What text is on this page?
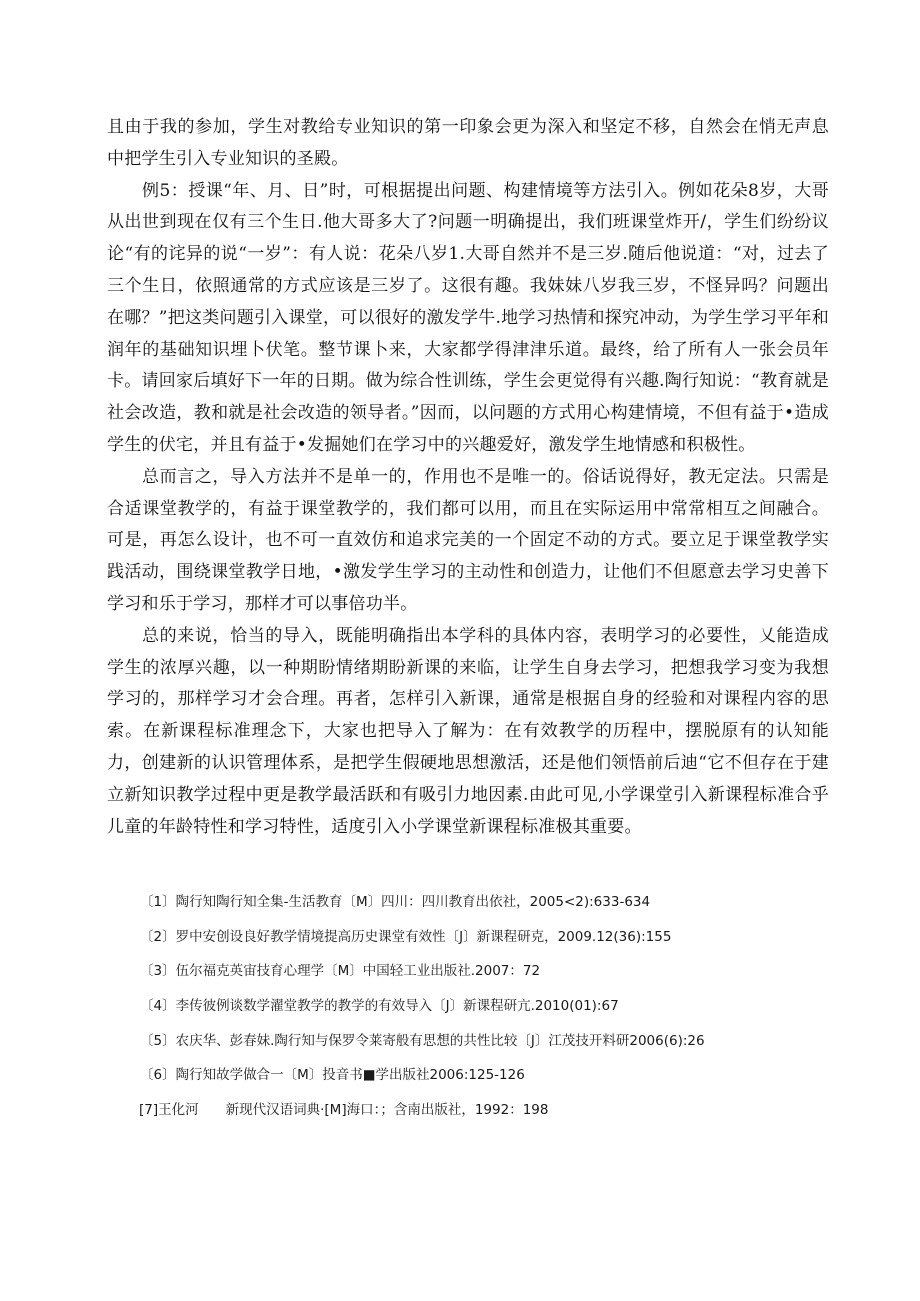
且由于我的参加，学生对教给专业知识的第一印象会更为深入和坚定不移，自然会在悄无声息中把学生引入专业知识的圣殿。

例5：授课“年、月、日”时，可根据提出问题、构建情境等方法引入。例如花朵8岁，大哥从出世到现在仅有三个生日.他大哥多大了?问题一明确提出，我们班课堂炸开/，学生们纷纷议论“有的诧异的说“一岁”：有人说：花朵八岁1.大哥自然并不是三岁.随后他说道：“对，过去了三个生日，依照通常的方式应该是三岁了。这很有趣。我妹妹八岁我三岁，不怪异吗？问题出在哪？”把这类问题引入课堂，可以很好的激发学牛.地学习热情和探究冲动，为学生学习平年和润年的基础知识埋卜伏笔。整节课卜来，大家都学得津津乐道。最终，给了所有人一张会员年卡。请回家后填好下一年的日期。做为综合性训练，学生会更觉得有兴趣.陶行知说：“教育就是社会改造，教和就是社会改造的领导者。”因而，以问题的方式用心构建情境，不但有益于•造成学生的伏宅，并且有益于•发掘她们在学习中的兴趣爱好，激发学生地情感和积极性。

总而言之，导入方法并不是单一的，作用也不是唯一的。俗话说得好，教无定法。只需是合适课堂教学的，有益于课堂教学的，我们都可以用，而且在实际运用中常常相互之间融合。可是，再怎么设计，也不可一直效仿和追求完美的一个固定不动的方式。要立足于课堂教学实践活动，围绕课堂教学日地，•激发学生学习的主动性和创造力，让他们不但愿意去学习史善下学习和乐于学习，那样才可以事倍功半。

总的来说，恰当的导入，既能明确指出本学科的具体内容，表明学习的必要性，乂能造成学生的浓厚兴趣，以一种期盼情绪期盼新课的来临，让学生自身去学习，把想我学习变为我想学习的，那样学习才会合理。再者，怎样引入新课，通常是根据自身的经验和对课程内容的思索。在新课程标准理念下，大家也把导入了解为：在有效教学的历程中，摆脱原有的认知能力，创建新的认识管理体系，是把学生假硬地思想激活，还是他们领悟前后迪“它不但存在于建立新知识教学过程中更是教学最活跃和有吸引力地因素.由此可见,小学课堂引入新课程标准合乎儿童的年龄特性和学习特性，适度引入小学课堂新课程标准极其重要。

〔1〕陶行知陶行知全集-生活教育〔M〕四川：四川教育出依社，2005<2):633-634
〔2〕罗中安创设良好教学情境提高历史课堂有效性〔J〕新课程研克，2009.12(36):155
〔3〕伍尔福克英宙技育心理学〔M〕中国轻工业出版社.2007：72
〔4〕李传彼例谈数学濯堂教学的教学的有效导入〔J〕新课程研亢.2010(01):67
〔5〕农庆华、彭春妹.陶行知与保罗令莱寄般有思想的共性比较〔J〕江茂技开料研2006(6):26
〔6〕陶行知故学做合一〔M〕投音书■学出版社2006:125-126
[7]王化河　　新现代汉语词典·[M]海口：；含南出版社，1992：198
